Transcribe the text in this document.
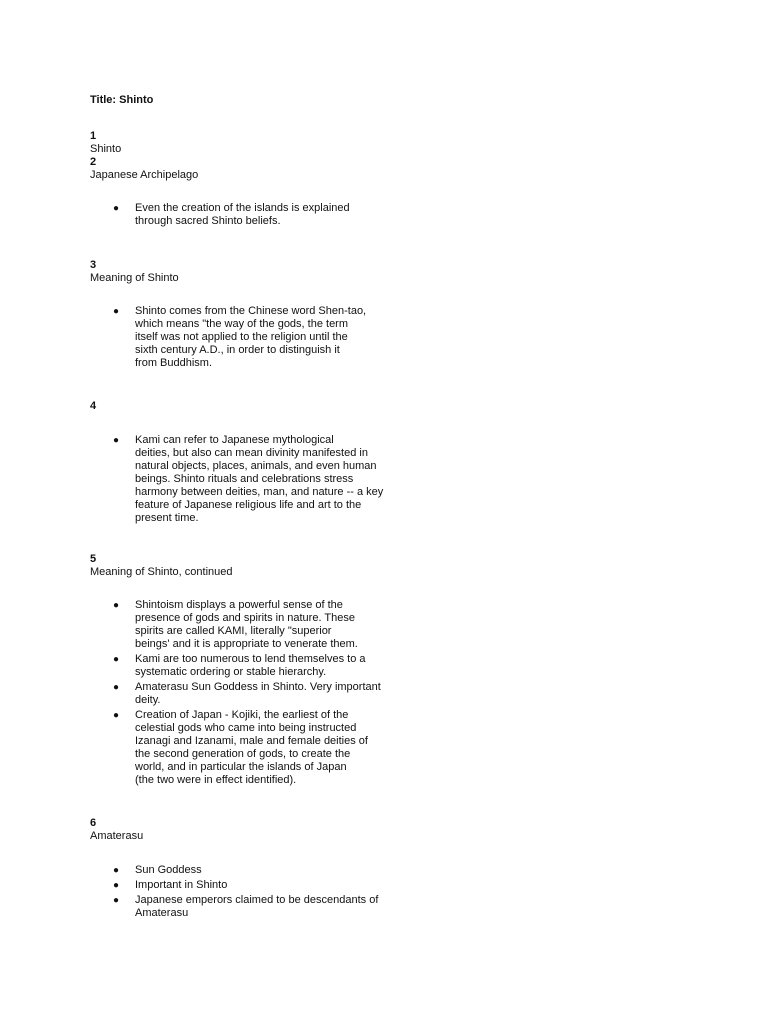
Title: Shinto
1
Shinto
2
Japanese Archipelago
● Even the creation of the islands is explained
through sacred Shinto beliefs.
3
Meaning of Shinto
● Shinto comes from the Chinese word Shen-tao,
which means "the way of the gods, the term
itself was not applied to the religion until the
sixth century A.D., in order to distinguish it
from Buddhism.
4
● Kami can refer to Japanese mythological
deities, but also can mean divinity manifested in
natural objects, places, animals, and even human
beings. Shinto rituals and celebrations stress
harmony between deities, man, and nature -- a key
feature of Japanese religious life and art to the
present time.
5
Meaning of Shinto, continued
● Shintoism displays a powerful sense of the
presence of gods and spirits in nature. These
spirits are called KAMI, literally "superior
beings' and it is appropriate to venerate them.
● Kami are too numerous to lend themselves to a
systematic ordering or stable hierarchy.
● Amaterasu Sun Goddess in Shinto. Very important
deity.
● Creation of Japan - Kojiki, the earliest of the
celestial gods who came into being instructed
Izanagi and Izanami, male and female deities of
the second generation of gods, to create the
world, and in particular the islands of Japan
(the two were in effect identified).
6
Amaterasu
● Sun Goddess
● Important in Shinto
● Japanese emperors claimed to be descendants of
Amaterasu
